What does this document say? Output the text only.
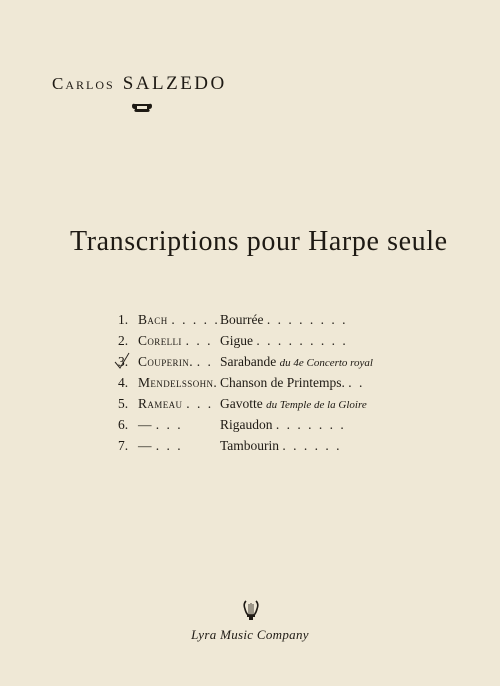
Carlos SALZEDO
Transcriptions pour Harpe seule
1. Bach . . . . . Bourrée . . . . . . . .
2. Corelli . . . Gigue . . . . . . . . .
3. Couperin. . . Sarabande du 4e Concerto royal
4. Mendelssohn. Chanson de Printemps. . .
5. Rameau . . . Gavotte du Temple de la Gloire
6. — . . .	Rigaudon . . . . . . .
7. — . . .	Tambourin . . . . . .
Lyra Music Company
